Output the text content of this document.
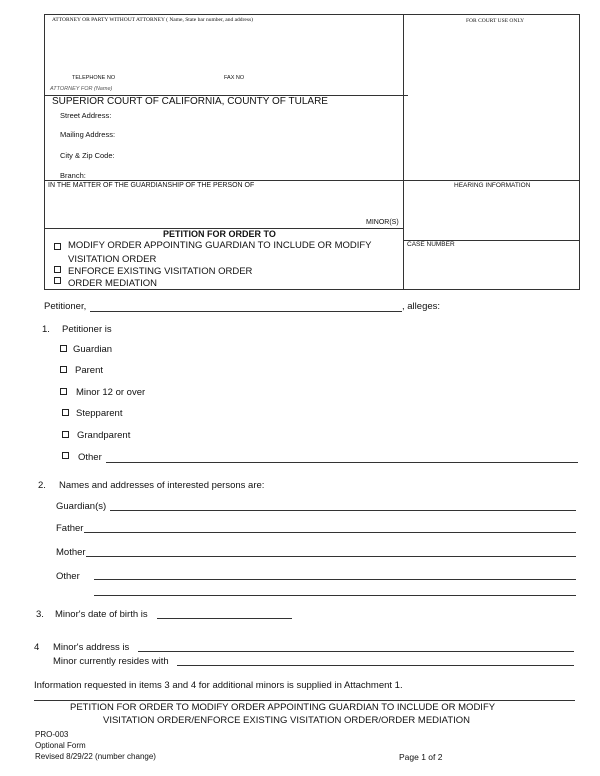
ATTORNEY OR PARTY WITHOUT ATTORNEY ( Name, State bar number, and address)	FOR COURT USE ONLY
TELEPHONE NO	FAX NO
ATTORNEY FOR (Name)
SUPERIOR COURT OF CALIFORNIA, COUNTY OF TULARE
Street Address:
Mailing Address:
City & Zip Code:
Branch:
IN THE MATTER OF THE GUARDIANSHIP OF THE PERSON OF	HEARING INFORMATION
MINOR(S)
PETITION FOR ORDER TO
MODIFY ORDER APPOINTING GUARDIAN TO INCLUDE OR MODIFY
VISITATION ORDER
ENFORCE EXISTING VISITATION ORDER
ORDER MEDIATION
CASE NUMBER
Petitioner,	, alleges:
1. Petitioner is
Guardian
Parent
Minor 12 or over
Stepparent
Grandparent
Other
2. Names and addresses of interested persons are:
Guardian(s)
Father
Mother
Other
3. Minor's date of birth is
4 Minor's address is
Minor currently resides with
Information requested in items 3 and 4 for additional minors is supplied in Attachment 1.
PETITION FOR ORDER TO MODIFY ORDER APPOINTING GUARDIAN TO INCLUDE OR MODIFY
VISITATION ORDER/ENFORCE EXISTING VISITATION ORDER/ORDER MEDIATION
PRO-003
Optional Form
Revised 8/29/22 (number change)	Page 1 of 2
